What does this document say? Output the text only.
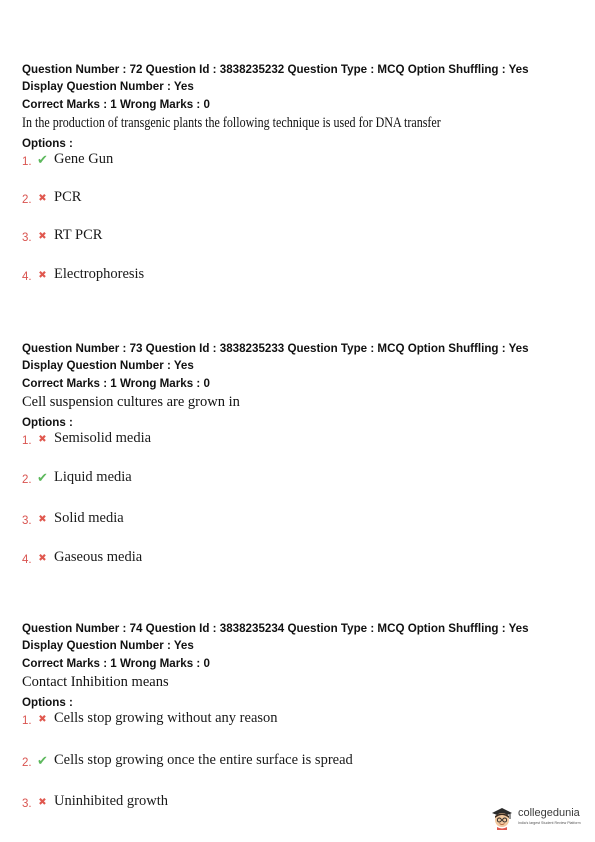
Question Number : 72 Question Id : 3838235232 Question Type : MCQ Option Shuffling : Yes

Display Question Number : Yes

Correct Marks : 1 Wrong Marks : 0

In the production of transgenic plants the following technique is used for DNA transfer

Options :

1. ✔ Gene Gun
2. ✖ PCR
3. ✖ RT PCR
4. ✖ Electrophoresis

Question Number : 73 Question Id : 3838235233 Question Type : MCQ Option Shuffling : Yes

Display Question Number : Yes

Correct Marks : 1 Wrong Marks : 0

Cell suspension cultures are grown in

Options :

1. ✖ Semisolid media
2. ✔ Liquid media
3. ✖ Solid media
4. ✖ Gaseous media

Question Number : 74 Question Id : 3838235234 Question Type : MCQ Option Shuffling : Yes

Display Question Number : Yes

Correct Marks : 1 Wrong Marks : 0

Contact Inhibition means

Options :

1. ✖ Cells stop growing without any reason
2. ✔ Cells stop growing once the entire surface is spread
3. ✖ Uninhibited growth
collegedunia
India's largest Student Review Platform
